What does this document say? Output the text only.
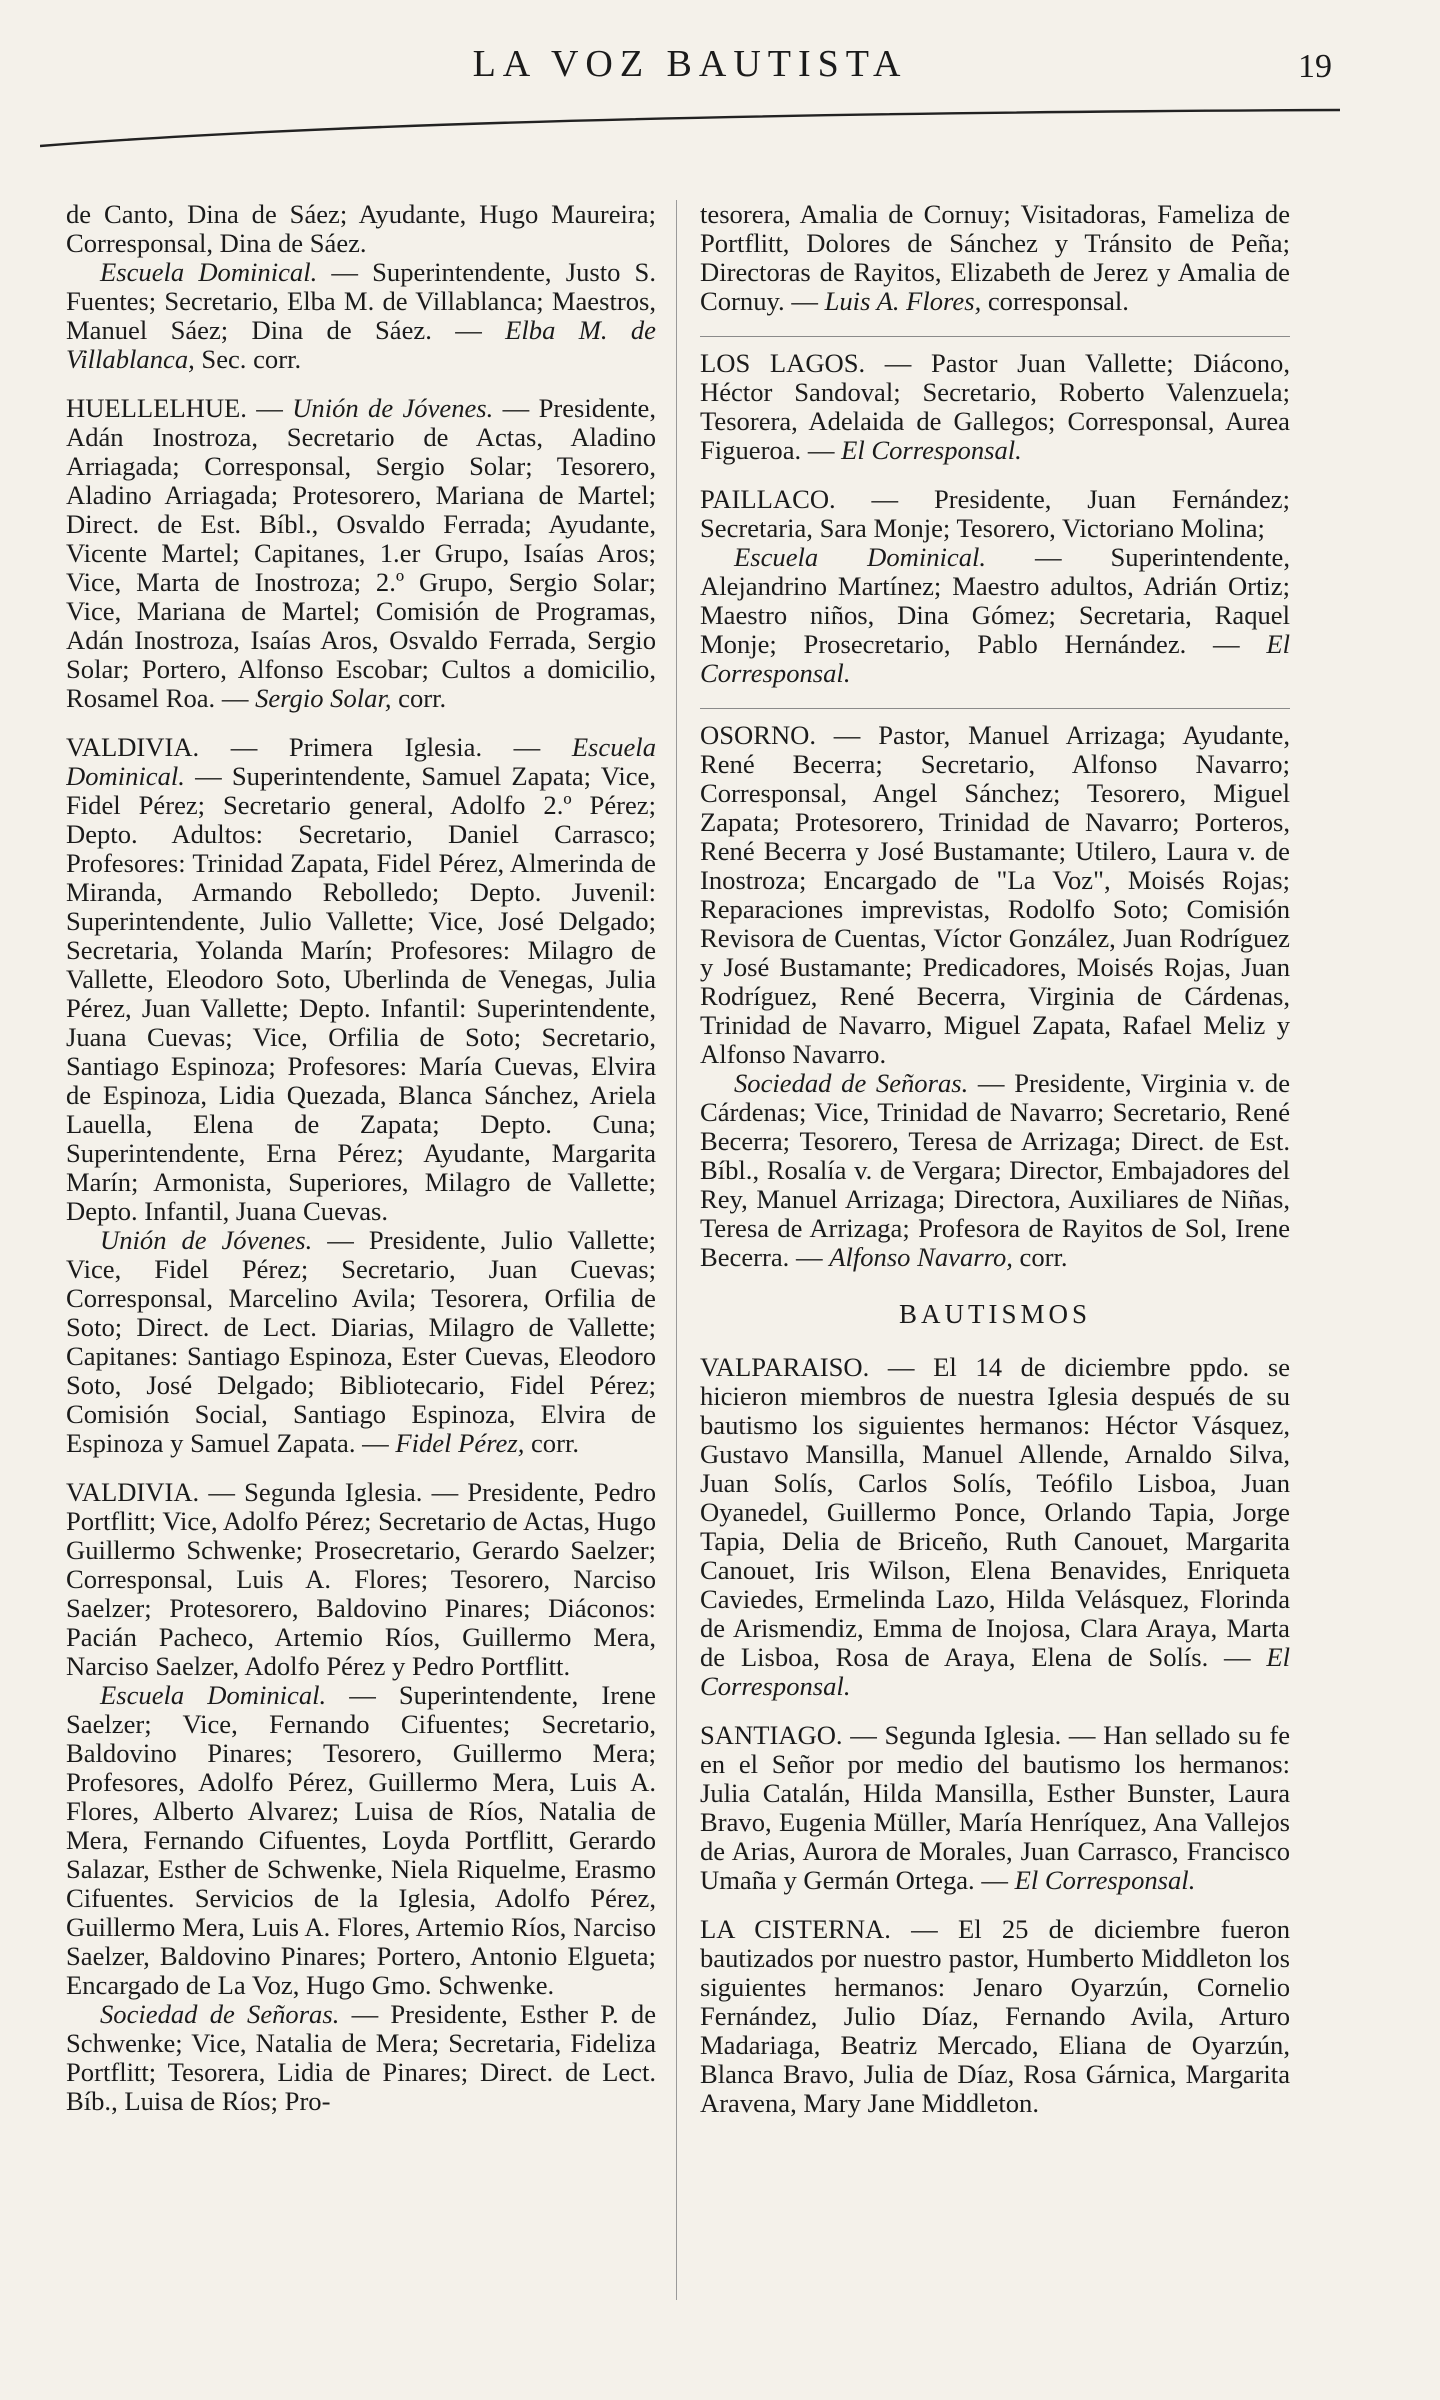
LA VOZ BAUTISTA	19

de Canto, Dina de Sáez; Ayudante, Hugo Maureira; Corresponsal, Dina de Sáez.

Escuela Dominical. — Superintendente, Justo S. Fuentes; Secretario, Elba M. de Villablanca; Maestros, Manuel Sáez; Dina de Sáez. — Elba M. de Villablanca, Sec. corr.

HUELLELHUE. — Unión de Jóvenes. — Presidente, Adán Inostroza, Secretario de Actas, Aladino Arriagada; Corresponsal, Sergio Solar; Tesorero, Aladino Arriagada; Protesorero, Mariana de Martel; Direct. de Est. Bíbl., Osvaldo Ferrada; Ayudante, Vicente Martel; Capitanes, 1.er Grupo, Isaías Aros; Vice, Marta de Inostroza; 2.º Grupo, Sergio Solar; Vice, Mariana de Martel; Comisión de Programas, Adán Inostroza, Isaías Aros, Osvaldo Ferrada, Sergio Solar; Portero, Alfonso Escobar; Cultos a domicilio, Rosamel Roa. — Sergio Solar, corr.

VALDIVIA. — Primera Iglesia. — Escuela Dominical. — Superintendente, Samuel Zapata; Vice, Fidel Pérez; Secretario general, Adolfo 2.º Pérez; Depto. Adultos: Secretario, Daniel Carrasco; Profesores: Trinidad Zapata, Fidel Pérez, Almerinda de Miranda, Armando Rebolledo; Depto. Juvenil: Superintendente, Julio Vallette; Vice, José Delgado; Secretaria, Yolanda Marín; Profesores: Milagro de Vallette, Eleodoro Soto, Uberlinda de Venegas, Julia Pérez, Juan Vallette; Depto. Infantil: Superintendente, Juana Cuevas; Vice, Orfilia de Soto; Secretario, Santiago Espinoza; Profesores: María Cuevas, Elvira de Espinoza, Lidia Quezada, Blanca Sánchez, Ariela Lauella, Elena de Zapata; Depto. Cuna; Superintendente, Erna Pérez; Ayudante, Margarita Marín; Armonista, Superiores, Milagro de Vallette; Depto. Infantil, Juana Cuevas.

Unión de Jóvenes. — Presidente, Julio Vallette; Vice, Fidel Pérez; Secretario, Juan Cuevas; Corresponsal, Marcelino Avila; Tesorera, Orfilia de Soto; Direct. de Lect. Diarias, Milagro de Vallette; Capitanes: Santiago Espinoza, Ester Cuevas, Eleodoro Soto, José Delgado; Bibliotecario, Fidel Pérez; Comisión Social, Santiago Espinoza, Elvira de Espinoza y Samuel Zapata. — Fidel Pérez, corr.

VALDIVIA. — Segunda Iglesia. — Presidente, Pedro Portflitt; Vice, Adolfo Pérez; Secretario de Actas, Hugo Guillermo Schwenke; Prosecretario, Gerardo Saelzer; Corresponsal, Luis A. Flores; Tesorero, Narciso Saelzer; Protesorero, Baldovino Pinares; Diáconos: Pacián Pacheco, Artemio Ríos, Guillermo Mera, Narciso Saelzer, Adolfo Pérez y Pedro Portflitt.

Escuela Dominical. — Superintendente, Irene Saelzer; Vice, Fernando Cifuentes; Secretario, Baldovino Pinares; Tesorero, Guillermo Mera; Profesores, Adolfo Pérez, Guillermo Mera, Luis A. Flores, Alberto Alvarez; Luisa de Ríos, Natalia de Mera, Fernando Cifuentes, Loyda Portflitt, Gerardo Salazar, Esther de Schwenke, Niela Riquelme, Erasmo Cifuentes. Servicios de la Iglesia, Adolfo Pérez, Guillermo Mera, Luis A. Flores, Artemio Ríos, Narciso Saelzer, Baldovino Pinares; Portero, Antonio Elgueta; Encargado de La Voz, Hugo Gmo. Schwenke.

Sociedad de Señoras. — Presidente, Esther P. de Schwenke; Vice, Natalia de Mera; Secretaria, Fideliza Portflitt; Tesorera, Lidia de Pinares; Direct. de Lect. Bíb., Luisa de Ríos; Pro-

tesorera, Amalia de Cornuy; Visitadoras, Fameliza de Portflitt, Dolores de Sánchez y Tránsito de Peña; Directoras de Rayitos, Elizabeth de Jerez y Amalia de Cornuy. — Luis A. Flores, corresponsal.

LOS LAGOS. — Pastor Juan Vallette; Diácono, Héctor Sandoval; Secretario, Roberto Valenzuela; Tesorera, Adelaida de Gallegos; Corresponsal, Aurea Figueroa. — El Corresponsal.

PAILLACO. — Presidente, Juan Fernández; Secretaria, Sara Monje; Tesorero, Victoriano Molina;

Escuela Dominical. — Superintendente, Alejandrino Martínez; Maestro adultos, Adrián Ortiz; Maestro niños, Dina Gómez; Secretaria, Raquel Monje; Prosecretario, Pablo Hernández. — El Corresponsal.

OSORNO. — Pastor, Manuel Arrizaga; Ayudante, René Becerra; Secretario, Alfonso Navarro; Corresponsal, Angel Sánchez; Tesorero, Miguel Zapata; Protesorero, Trinidad de Navarro; Porteros, René Becerra y José Bustamante; Utilero, Laura v. de Inostroza; Encargado de "La Voz", Moisés Rojas; Reparaciones imprevistas, Rodolfo Soto; Comisión Revisora de Cuentas, Víctor González, Juan Rodríguez y José Bustamante; Predicadores, Moisés Rojas, Juan Rodríguez, René Becerra, Virginia de Cárdenas, Trinidad de Navarro, Miguel Zapata, Rafael Meliz y Alfonso Navarro.

Sociedad de Señoras. — Presidente, Virginia v. de Cárdenas; Vice, Trinidad de Navarro; Secretario, René Becerra; Tesorero, Teresa de Arrizaga; Direct. de Est. Bíbl., Rosalía v. de Vergara; Director, Embajadores del Rey, Manuel Arrizaga; Directora, Auxiliares de Niñas, Teresa de Arrizaga; Profesora de Rayitos de Sol, Irene Becerra. — Alfonso Navarro, corr.

BAUTISMOS

VALPARAISO. — El 14 de diciembre ppdo. se hicieron miembros de nuestra Iglesia después de su bautismo los siguientes hermanos: Héctor Vásquez, Gustavo Mansilla, Manuel Allende, Arnaldo Silva, Juan Solís, Carlos Solís, Teófilo Lisboa, Juan Oyanedel, Guillermo Ponce, Orlando Tapia, Jorge Tapia, Delia de Briceño, Ruth Canouet, Margarita Canouet, Iris Wilson, Elena Benavides, Enriqueta Caviedes, Ermelinda Lazo, Hilda Velásquez, Florinda de Arismendiz, Emma de Inojosa, Clara Araya, Marta de Lisboa, Rosa de Araya, Elena de Solís. — El Corresponsal.

SANTIAGO. — Segunda Iglesia. — Han sellado su fe en el Señor por medio del bautismo los hermanos: Julia Catalán, Hilda Mansilla, Esther Bunster, Laura Bravo, Eugenia Müller, María Henríquez, Ana Vallejos de Arias, Aurora de Morales, Juan Carrasco, Francisco Umaña y Germán Ortega. — El Corresponsal.

LA CISTERNA. — El 25 de diciembre fueron bautizados por nuestro pastor, Humberto Middleton los siguientes hermanos: Jenaro Oyarzún, Cornelio Fernández, Julio Díaz, Fernando Avila, Arturo Madariaga, Beatriz Mercado, Eliana de Oyarzún, Blanca Bravo, Julia de Díaz, Rosa Gárnica, Margarita Aravena, Mary Jane Middleton.
